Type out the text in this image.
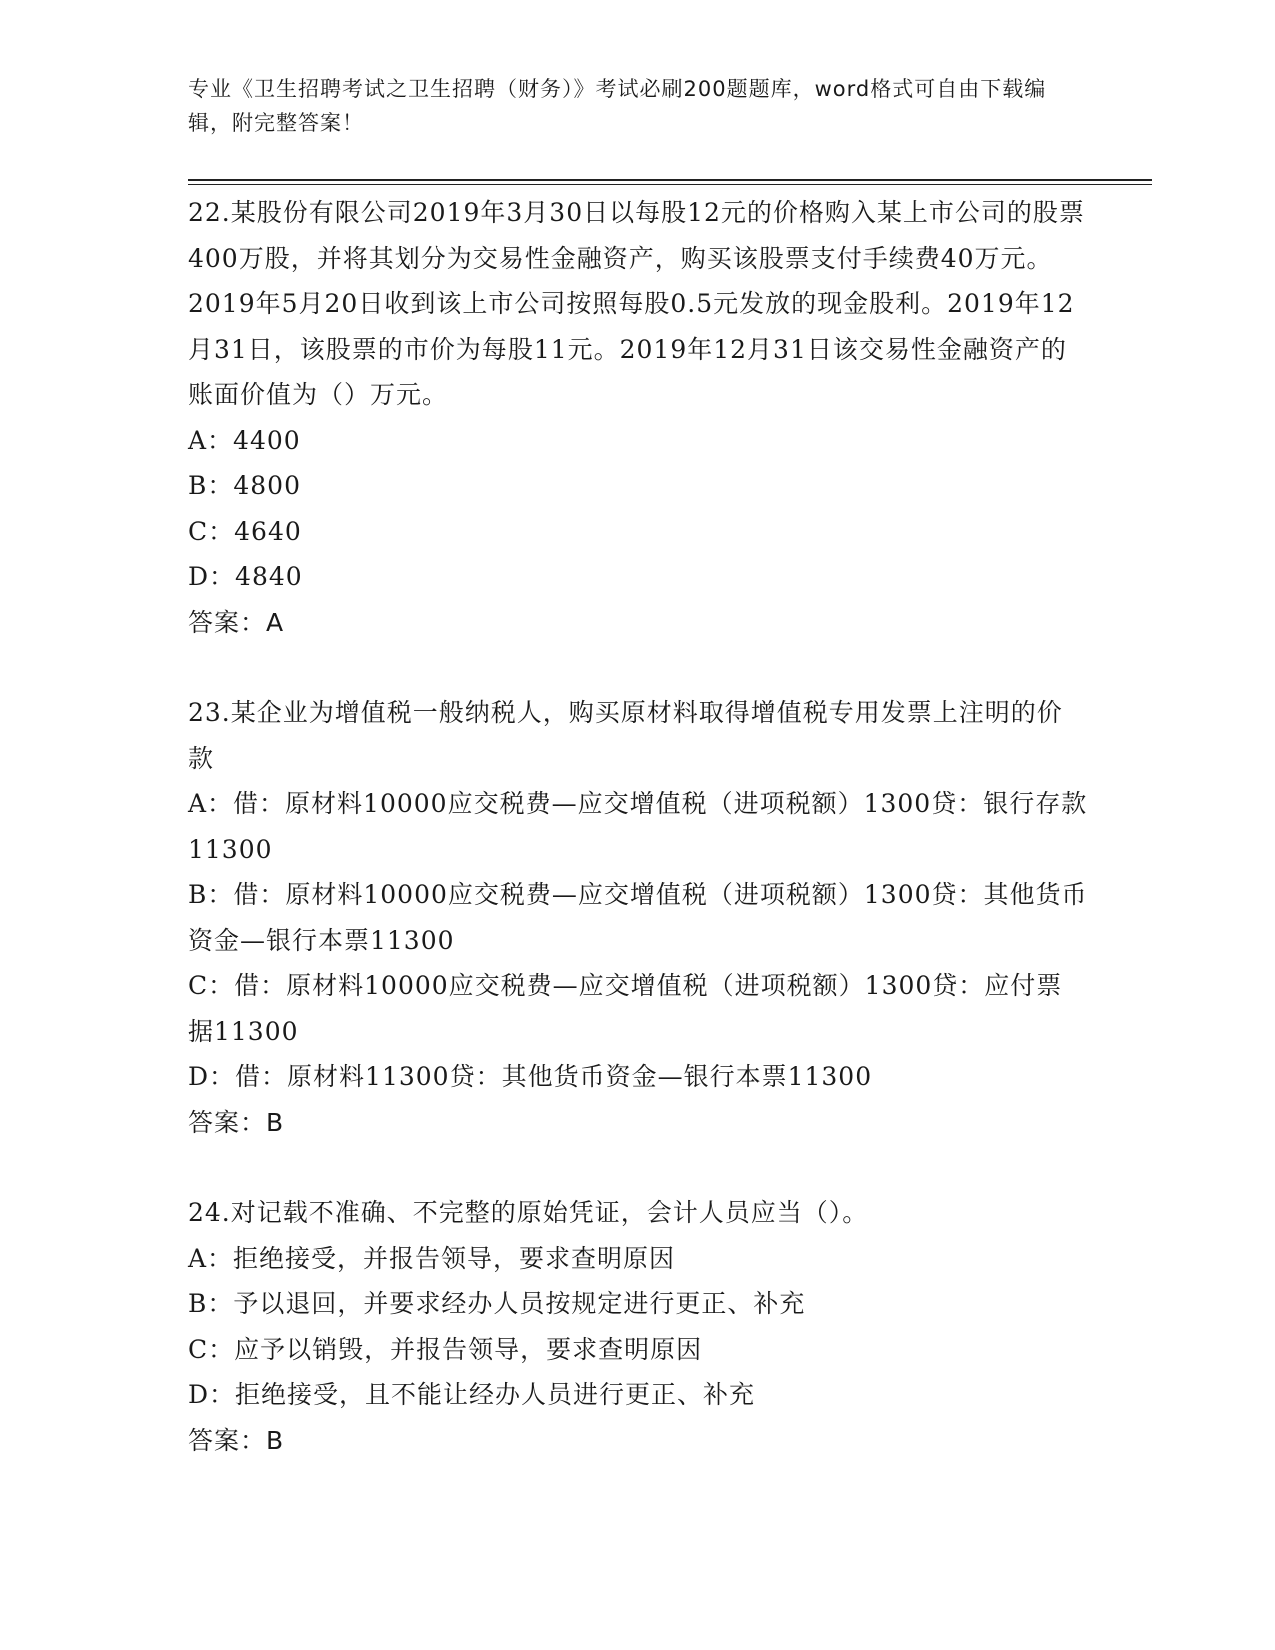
专业《卫生招聘考试之卫生招聘（财务）》考试必刷200题题库，word格式可自由下载编辑，附完整答案！
22.某股份有限公司2019年3月30日以每股12元的价格购入某上市公司的股票400万股，并将其划分为交易性金融资产，购买该股票支付手续费40万元。2019年5月20日收到该上市公司按照每股0.5元发放的现金股利。2019年12月31日，该股票的市价为每股11元。2019年12月31日该交易性金融资产的账面价值为（）万元。
A：4400
B：4800
C：4640
D：4840
答案：A
23.某企业为增值税一般纳税人，购买原材料取得增值税专用发票上注明的价款
A：借：原材料10000应交税费—应交增值税（进项税额）1300贷：银行存款11300
B：借：原材料10000应交税费—应交增值税（进项税额）1300贷：其他货币资金—银行本票11300
C：借：原材料10000应交税费—应交增值税（进项税额）1300贷：应付票据11300
D：借：原材料11300贷：其他货币资金—银行本票11300
答案：B
24.对记载不准确、不完整的原始凭证，会计人员应当（）。
A：拒绝接受，并报告领导，要求查明原因
B：予以退回，并要求经办人员按规定进行更正、补充
C：应予以销毁，并报告领导，要求查明原因
D：拒绝接受，且不能让经办人员进行更正、补充
答案：B
